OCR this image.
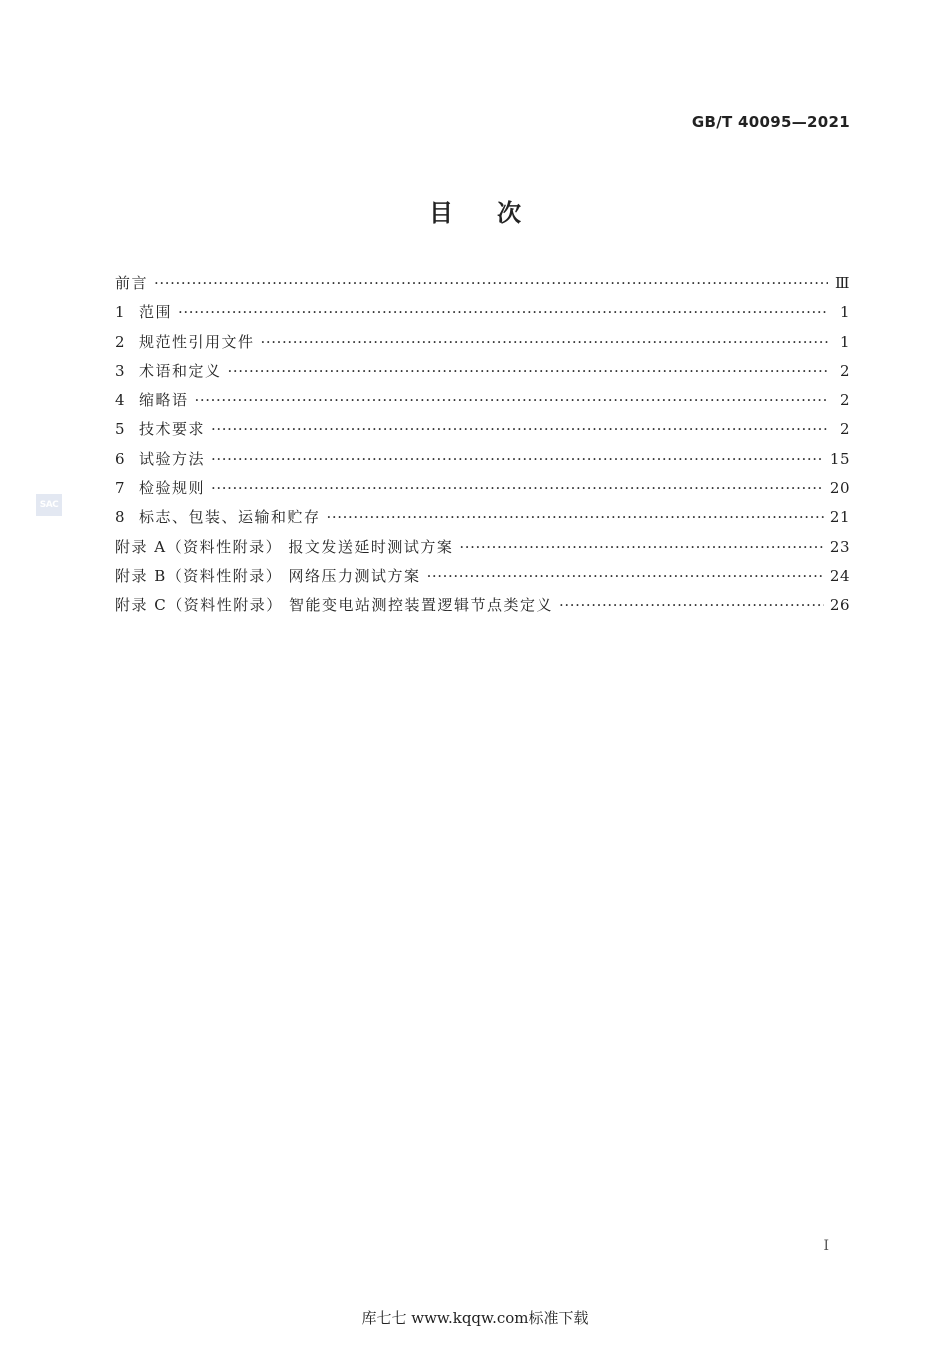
GB/T 40095—2021
目次
前言 ·····	Ⅲ
1 范围 ·····	1
2 规范性引用文件 ·····	1
3 术语和定义 ·····	2
4 缩略语 ·····	2
5 技术要求 ·····	2
6 试验方法 ·····	15
7 检验规则 ·····	20
8 标志、包装、运输和贮存 ·····	21
附录 A（资料性附录） 报文发送延时测试方案 ·····	23
附录 B（资料性附录） 网络压力测试方案 ·····	24
附录 C（资料性附录） 智能变电站测控装置逻辑节点类定义 ·····	26
SAC
I
库七七 www.kqqw.com标准下载
